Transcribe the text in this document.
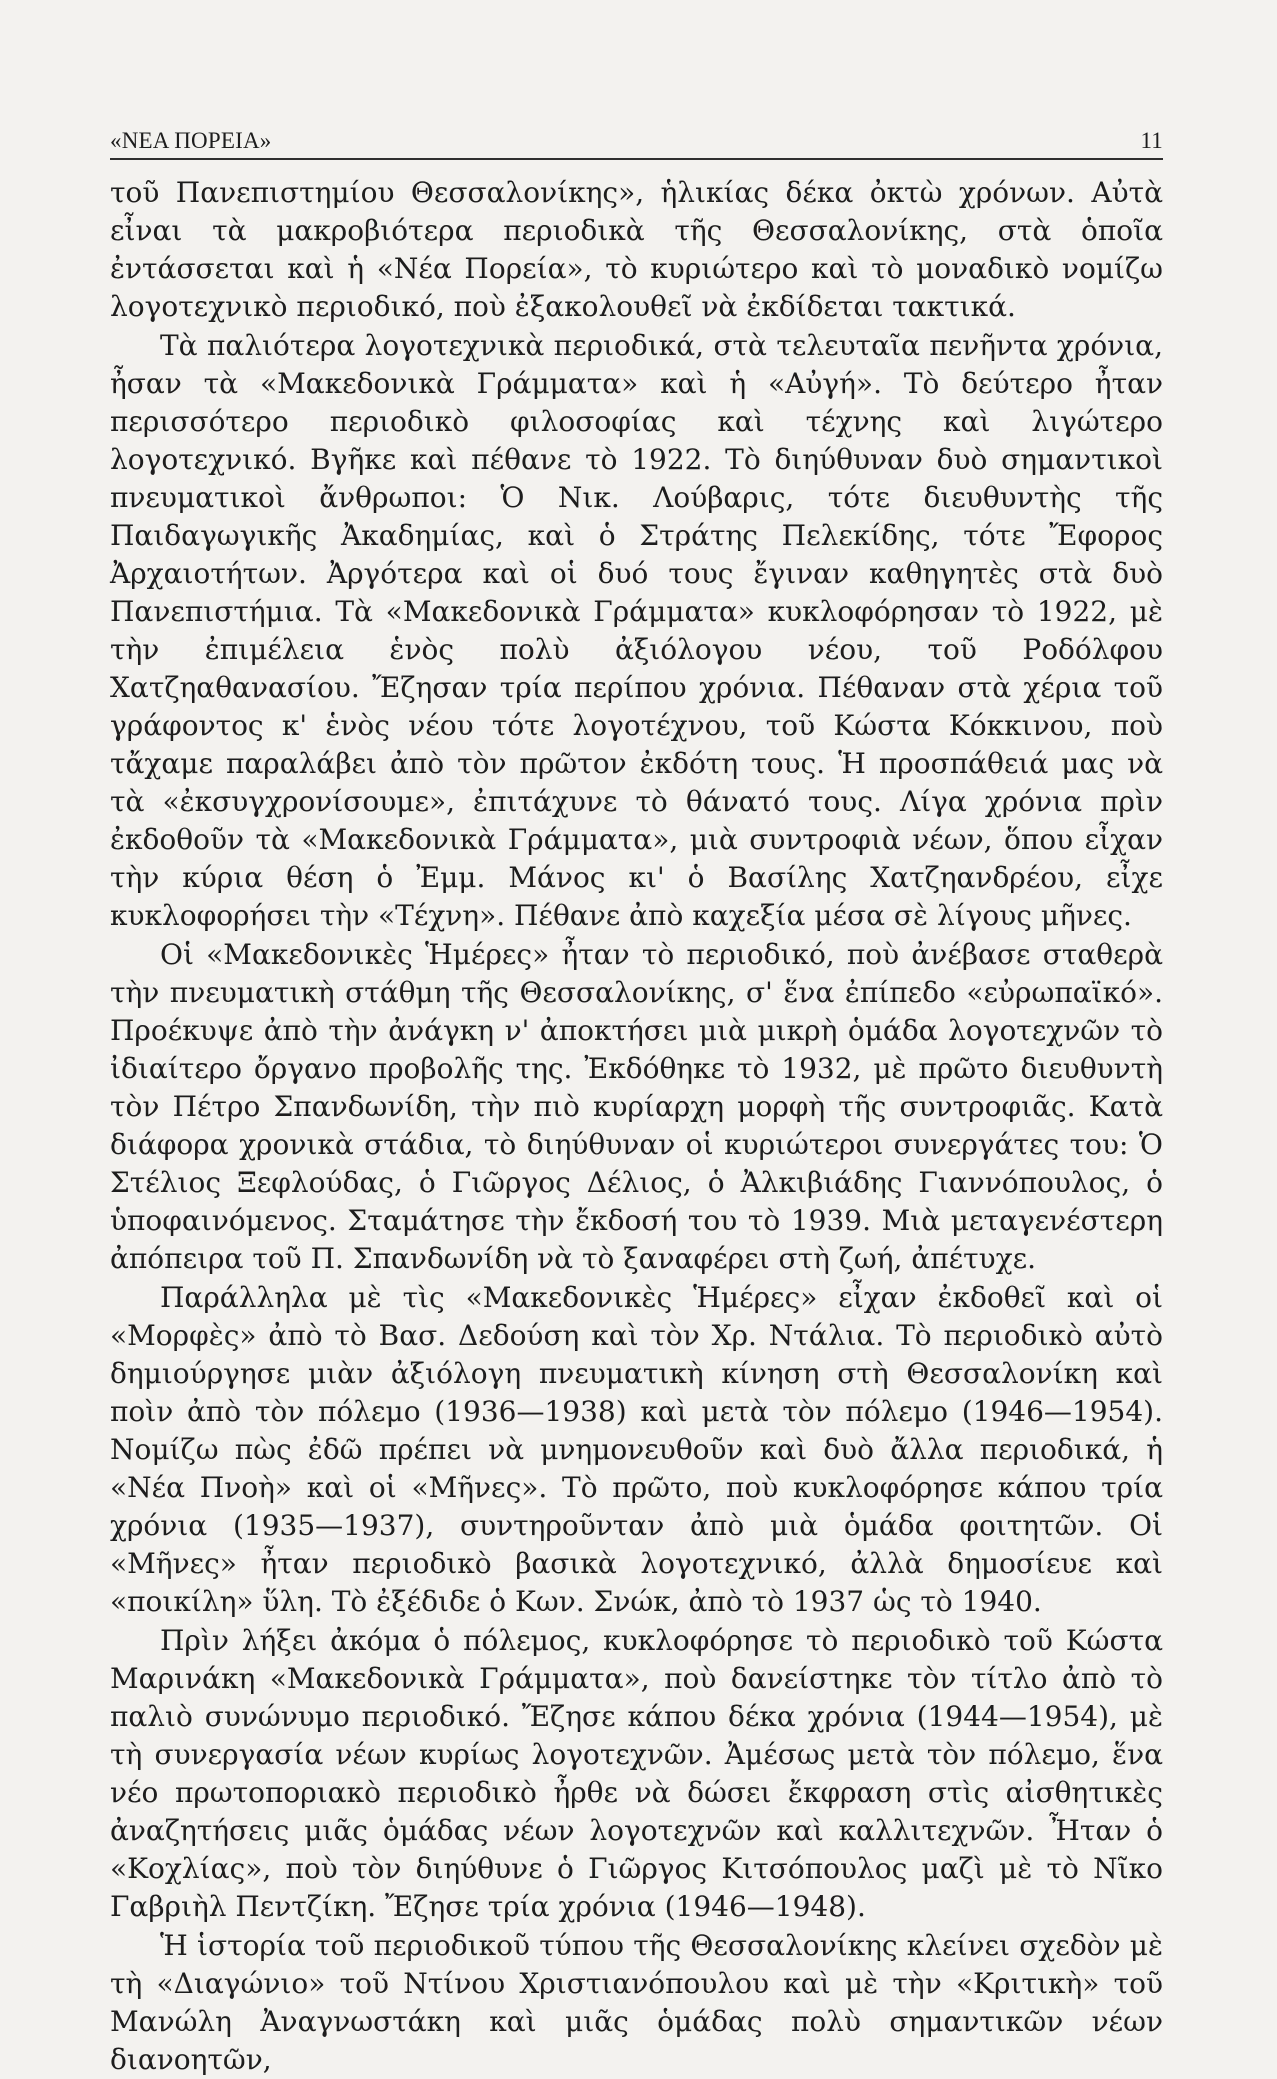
«ΝΕΑ ΠΟΡΕΙΑ»	11

τοῦ Πανεπιστημίου Θεσσαλονίκης», ἡλικίας δέκα ὀκτὼ χρόνων. Αὐτὰ εἶναι τὰ μακροβιότερα περιοδικὰ τῆς Θεσσαλονίκης, στὰ ὁποῖα ἐντάσσεται καὶ ἡ «Νέα Πορεία», τὸ κυριώτερο καὶ τὸ μοναδικὸ νομίζω λογοτεχνικὸ περιοδικό, ποὺ ἐξακολουθεῖ νὰ ἐκδίδεται τακτικά.

Τὰ παλιότερα λογοτεχνικὰ περιοδικά, στὰ τελευταῖα πενῆντα χρόνια, ἦσαν τὰ «Μακεδονικὰ Γράμματα» καὶ ἡ «Αὐγή». Τὸ δεύτερο ἦταν περισσότερο περιοδικὸ φιλοσοφίας καὶ τέχνης καὶ λιγώτερο λογοτεχνικό. Βγῆκε καὶ πέθανε τὸ 1922. Τὸ διηύθυναν δυὸ σημαντικοὶ πνευματικοὶ ἄνθρωποι: Ὁ Νικ. Λούβαρις, τότε διευθυντὴς τῆς Παιδαγωγικῆς Ἀκαδημίας, καὶ ὁ Στράτης Πελεκίδης, τότε Ἔφορος Ἀρχαιοτήτων. Ἀργότερα καὶ οἱ δυό τους ἔγιναν καθηγητὲς στὰ δυὸ Πανεπιστήμια. Τὰ «Μακεδονικὰ Γράμματα» κυκλοφόρησαν τὸ 1922, μὲ τὴν ἐπιμέλεια ἑνὸς πολὺ ἀξιόλογου νέου, τοῦ Ροδόλφου Χατζηαθανασίου. Ἔζησαν τρία περίπου χρόνια. Πέθαναν στὰ χέρια τοῦ γράφοντος κ' ἑνὸς νέου τότε λογοτέχνου, τοῦ Κώστα Κόκκινου, ποὺ τἄχαμε παραλάβει ἀπὸ τὸν πρῶτον ἐκδότη τους. Ἡ προσπάθειά μας νὰ τὰ «ἐκσυγχρονίσουμε», ἐπιτάχυνε τὸ θάνατό τους. Λίγα χρόνια πρὶν ἐκδοθοῦν τὰ «Μακεδονικὰ Γράμματα», μιὰ συντροφιὰ νέων, ὅπου εἶχαν τὴν κύρια θέση ὁ Ἐμμ. Μάνος κι' ὁ Βασίλης Χατζηανδρέου, εἶχε κυκλοφορήσει τὴν «Τέχνη». Πέθανε ἀπὸ καχεξία μέσα σὲ λίγους μῆνες.

Οἱ «Μακεδονικὲς Ἡμέρες» ἦταν τὸ περιοδικό, ποὺ ἀνέβασε σταθερὰ τὴν πνευματικὴ στάθμη τῆς Θεσσαλονίκης, σ' ἕνα ἐπίπεδο «εὐρωπαϊκό». Προέκυψε ἀπὸ τὴν ἀνάγκη ν' ἀποκτήσει μιὰ μικρὴ ὁμάδα λογοτεχνῶν τὸ ἰδιαίτερο ὄργανο προβολῆς της. Ἐκδόθηκε τὸ 1932, μὲ πρῶτο διευθυντὴ τὸν Πέτρο Σπανδωνίδη, τὴν πιὸ κυρίαρχη μορφὴ τῆς συντροφιᾶς. Κατὰ διάφορα χρονικὰ στάδια, τὸ διηύθυναν οἱ κυριώτεροι συνεργάτες του: Ὁ Στέλιος Ξεφλούδας, ὁ Γιῶργος Δέλιος, ὁ Ἀλκιβιάδης Γιαννόπουλος, ὁ ὑποφαινόμενος. Σταμάτησε τὴν ἔκδοσή του τὸ 1939. Μιὰ μεταγενέστερη ἀπόπειρα τοῦ Π. Σπανδωνίδη νὰ τὸ ξαναφέρει στὴ ζωή, ἀπέτυχε.

Παράλληλα μὲ τὶς «Μακεδονικὲς Ἡμέρες» εἶχαν ἐκδοθεῖ καὶ οἱ «Μορφὲς» ἀπὸ τὸ Βασ. Δεδούση καὶ τὸν Χρ. Ντάλια. Τὸ περιοδικὸ αὐτὸ δημιούργησε μιὰν ἀξιόλογη πνευματικὴ κίνηση στὴ Θεσσαλονίκη καὶ ποὶν ἀπὸ τὸν πόλεμο (1936—1938) καὶ μετὰ τὸν πόλεμο (1946—1954). Νομίζω πὼς ἐδῶ πρέπει νὰ μνημονευθοῦν καὶ δυὸ ἄλλα περιοδικά, ἡ «Νέα Πνοὴ» καὶ οἱ «Μῆνες». Τὸ πρῶτο, ποὺ κυκλοφόρησε κάπου τρία χρόνια (1935—1937), συντηροῦνταν ἀπὸ μιὰ ὁμάδα φοιτητῶν. Οἱ «Μῆνες» ἦταν περιοδικὸ βασικὰ λογοτεχνικό, ἀλλὰ δημοσίευε καὶ «ποικίλη» ὕλη. Τὸ ἐξέδιδε ὁ Κων. Σνώκ, ἀπὸ τὸ 1937 ὡς τὸ 1940.

Πρὶν λήξει ἀκόμα ὁ πόλεμος, κυκλοφόρησε τὸ περιοδικὸ τοῦ Κώστα Μαρινάκη «Μακεδονικὰ Γράμματα», ποὺ δανείστηκε τὸν τίτλο ἀπὸ τὸ παλιὸ συνώνυμο περιοδικό. Ἔζησε κάπου δέκα χρόνια (1944—1954), μὲ τὴ συνεργασία νέων κυρίως λογοτεχνῶν. Ἀμέσως μετὰ τὸν πόλεμο, ἕνα νέο πρωτοποριακὸ περιοδικὸ ἦρθε νὰ δώσει ἔκφραση στὶς αἰσθητικὲς ἀναζητήσεις μιᾶς ὁμάδας νέων λογοτεχνῶν καὶ καλλιτεχνῶν. Ἦταν ὁ «Κοχλίας», ποὺ τὸν διηύθυνε ὁ Γιῶργος Κιτσόπουλος μαζὶ μὲ τὸ Νῖκο Γαβριὴλ Πεντζίκη. Ἔζησε τρία χρόνια (1946—1948).

Ἡ ἱστορία τοῦ περιοδικοῦ τύπου τῆς Θεσσαλονίκης κλείνει σχεδὸν μὲ τὴ «Διαγώνιο» τοῦ Ντίνου Χριστιανόπουλου καὶ μὲ τὴν «Κριτικὴ» τοῦ Μανώλη Ἀναγνωστάκη καὶ μιᾶς ὁμάδας πολὺ σημαντικῶν νέων διανοητῶν,
